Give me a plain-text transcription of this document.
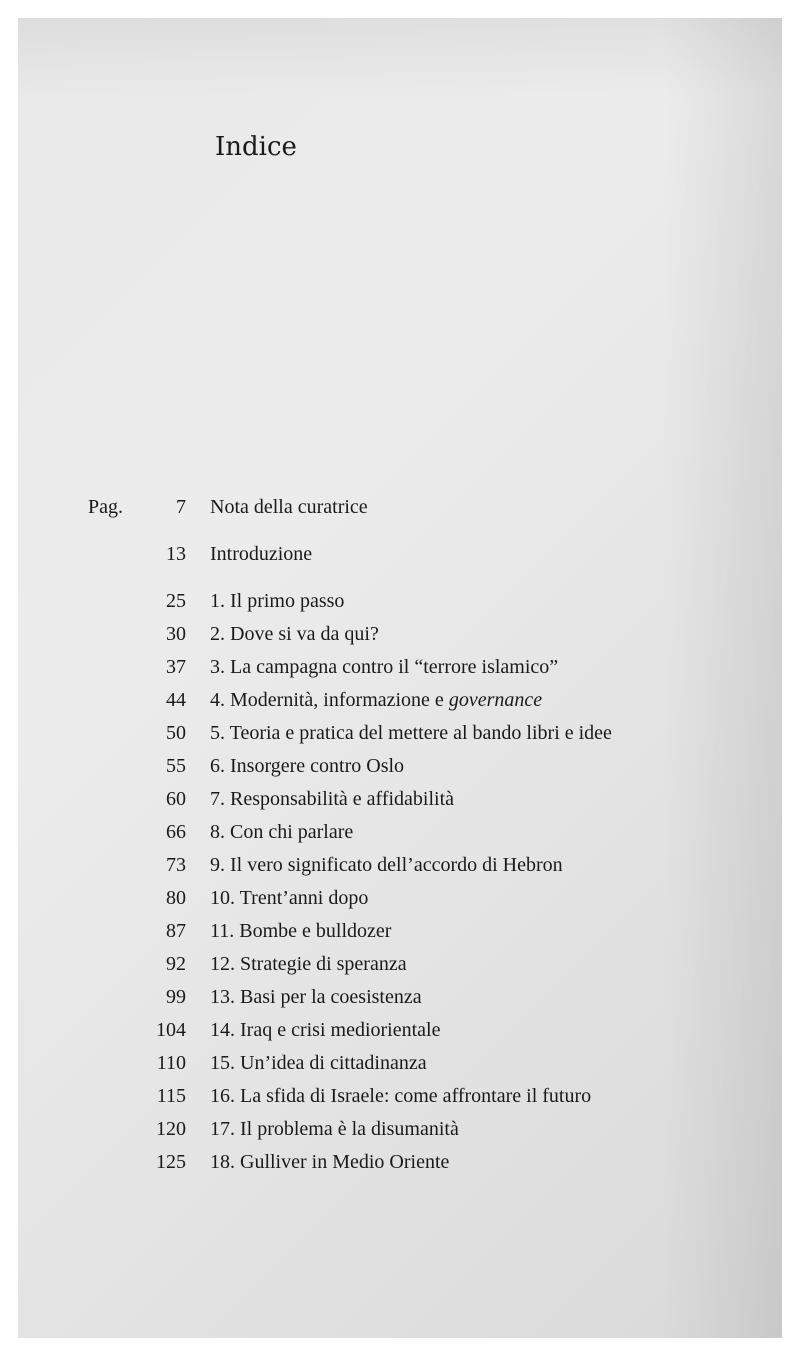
Indice
Pag.	7 Nota della curatrice
13 Introduzione
25 1. Il primo passo
30 2. Dove si va da qui?
37 3. La campagna contro il “terrore islamico”
44 4. Modernità, informazione e governance
50 5. Teoria e pratica del mettere al bando libri e idee
55 6. Insorgere contro Oslo
60 7. Responsabilità e affidabilità
66 8. Con chi parlare
73 9. Il vero significato dell’accordo di Hebron
80 10. Trent’anni dopo
87 11. Bombe e bulldozer
92 12. Strategie di speranza
99 13. Basi per la coesistenza
104 14. Iraq e crisi mediorientale
110 15. Un’idea di cittadinanza
115 16. La sfida di Israele: come affrontare il futuro
120 17. Il problema è la disumanità
125 18. Gulliver in Medio Oriente
